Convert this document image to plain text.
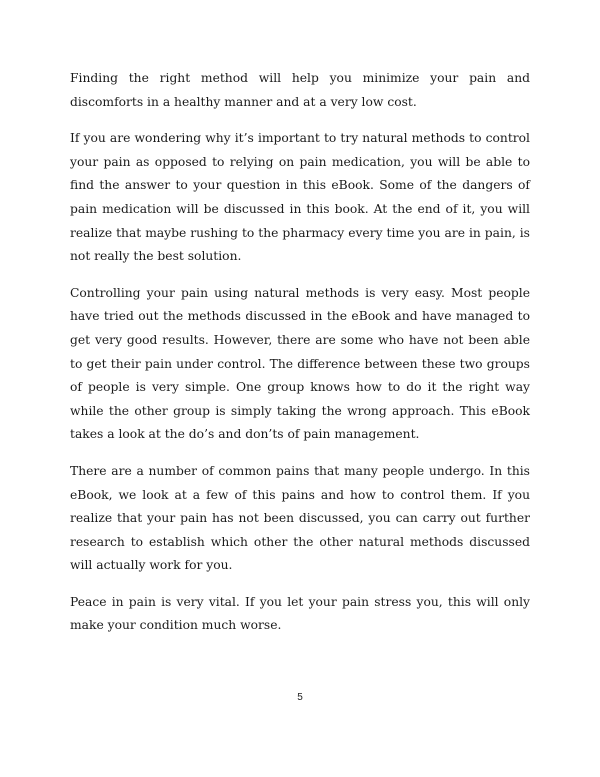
Finding the right method will help you minimize your pain and discomforts in a healthy manner and at a very low cost.

If you are wondering why it’s important to try natural methods to control your pain as opposed to relying on pain medication, you will be able to find the answer to your question in this eBook. Some of the dangers of pain medication will be discussed in this book. At the end of it, you will realize that maybe rushing to the pharmacy every time you are in pain, is not really the best solution.

Controlling your pain using natural methods is very easy. Most people have tried out the methods discussed in the eBook and have managed to get very good results. However, there are some who have not been able to get their pain under control. The difference between these two groups of people is very simple. One group knows how to do it the right way while the other group is simply taking the wrong approach. This eBook takes a look at the do’s and don’ts of pain management.

There are a number of common pains that many people undergo. In this eBook, we look at a few of this pains and how to control them. If you realize that your pain has not been discussed, you can carry out further research to establish which other the other natural methods discussed will actually work for you.

Peace in pain is very vital. If you let your pain stress you, this will only make your condition much worse.

5
